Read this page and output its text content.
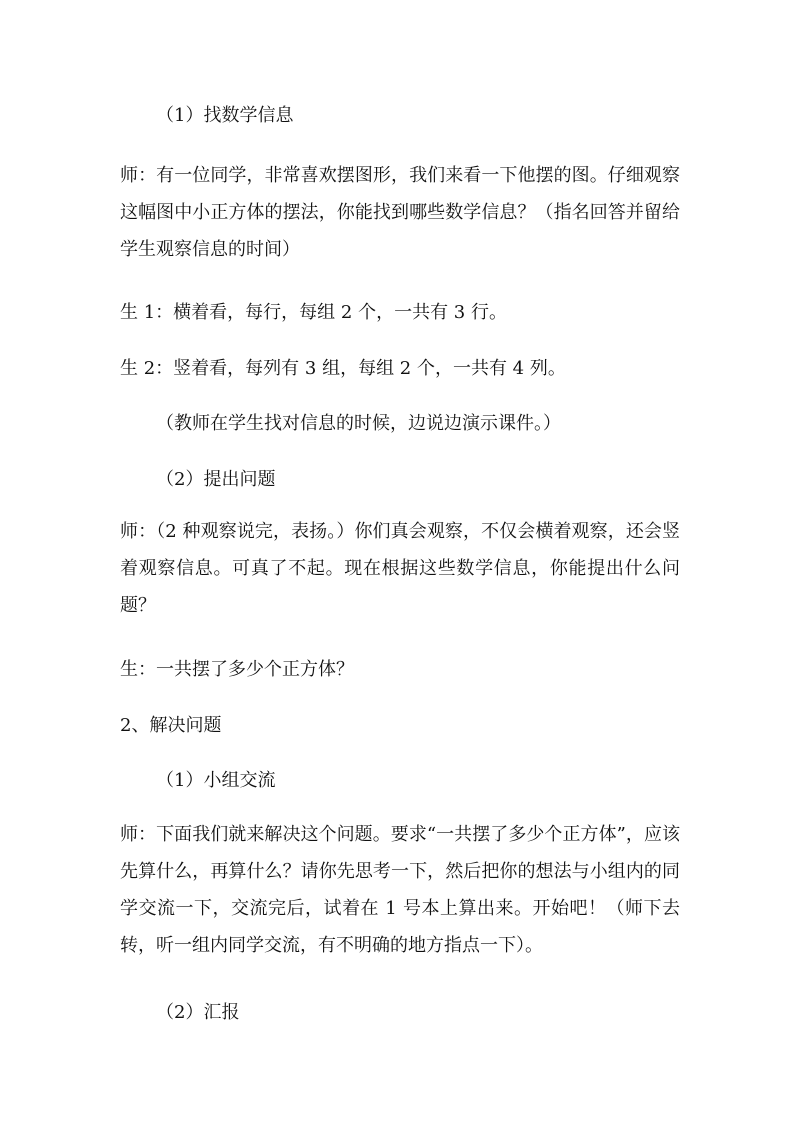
（1）找数学信息

师：有一位同学，非常喜欢摆图形，我们来看一下他摆的图。仔细观察这幅图中小正方体的摆法，你能找到哪些数学信息？（指名回答并留给学生观察信息的时间）

生 1：横着看，每行，每组 2 个，一共有 3 行。

生 2：竖着看，每列有 3 组，每组 2 个，一共有 4 列。

（教师在学生找对信息的时候，边说边演示课件。）

（2）提出问题

师：（2 种观察说完，表扬。）你们真会观察，不仅会横着观察，还会竖着观察信息。可真了不起。现在根据这些数学信息，你能提出什么问题？

生：一共摆了多少个正方体？

2、解决问题

（1）小组交流

师：下面我们就来解决这个问题。要求“一共摆了多少个正方体”，应该先算什么，再算什么？请你先思考一下，然后把你的想法与小组内的同学交流一下，交流完后，试着在 1 号本上算出来。开始吧！（师下去转，听一组内同学交流，有不明确的地方指点一下）。

（2）汇报
